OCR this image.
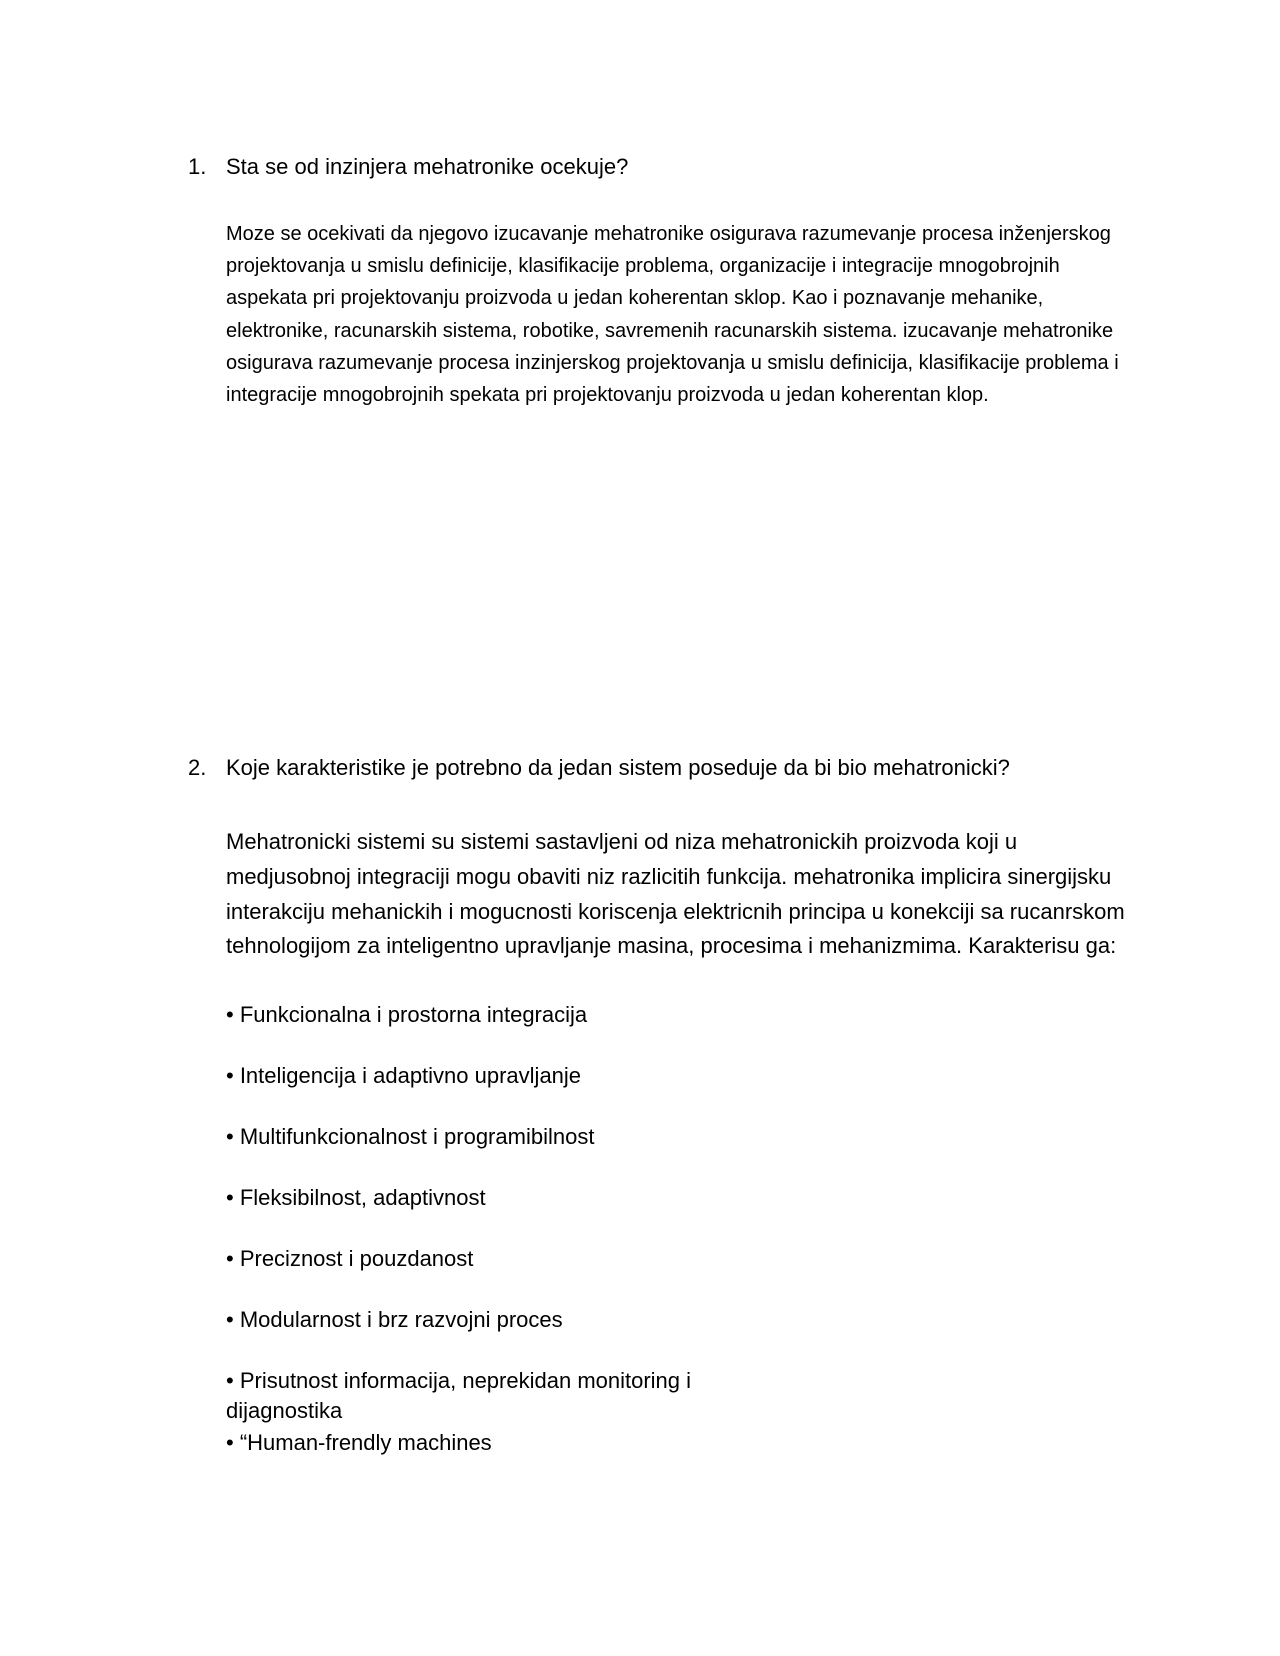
1. Sta se od inzinjera mehatronike ocekuje?

Moze se ocekivati da njegovo izucavanje mehatronike osigurava razumevanje procesa inženjerskog projektovanja u smislu definicije, klasifikacije problema, organizacije i integracije mnogobrojnih aspekata pri projektovanju proizvoda u jedan koherentan sklop. Kao i poznavanje mehanike, elektronike, racunarskih sistema, robotike, savremenih racunarskih sistema. izucavanje mehatronike osigurava razumevanje procesa inzinjerskog projektovanja u smislu definicija, klasifikacije problema i integracije mnogobrojnih spekata pri projektovanju proizvoda u jedan koherentan klop.

2. Koje karakteristike je potrebno da jedan sistem poseduje da bi bio mehatronicki?

Mehatronicki sistemi su sistemi sastavljeni od niza mehatronickih proizvoda koji u medjusobnoj integraciji mogu obaviti niz razlicitih funkcija. mehatronika implicira sinergijsku interakciju mehanickih i mogucnosti koriscenja elektricnih principa u konekciji sa rucanrskom tehnologijom za inteligentno upravljanje masina, procesima i mehanizmima. Karakterisu ga:

• Funkcionalna i prostorna integracija
• Inteligencija i adaptivno upravljanje
• Multifunkcionalnost i programibilnost
• Fleksibilnost, adaptivnost
• Preciznost i pouzdanost
• Modularnost i brz razvojni proces
• Prisutnost informacija, neprekidan monitoring i dijagnostika
• “Human-frendly machines
